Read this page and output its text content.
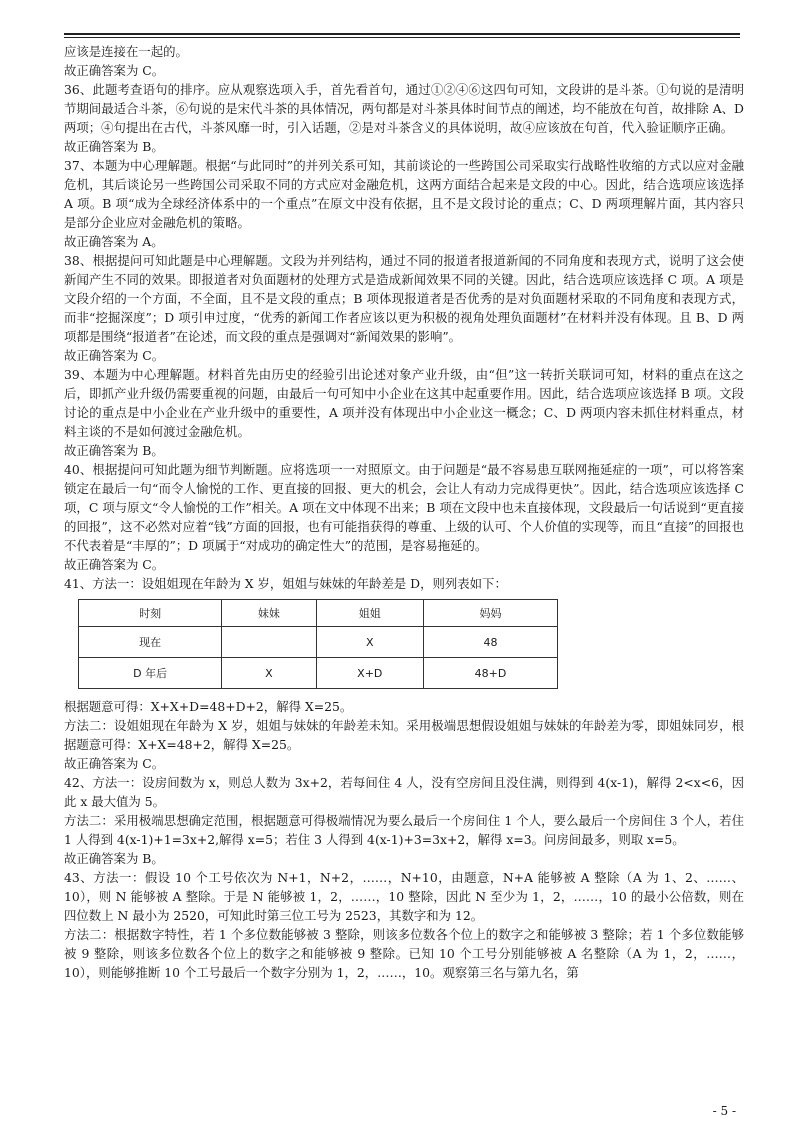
应该是连接在一起的。

故正确答案为 C。

36、此题考查语句的排序。应从观察选项入手，首先看首句，通过①②④⑥这四句可知，文段讲的是斗茶。①句说的是清明节期间最适合斗茶，⑥句说的是宋代斗茶的具体情况，两句都是对斗茶具体时间节点的阐述，均不能放在句首，故排除 A、D 两项；④句提出在古代，斗茶风靡一时，引入话题，②是对斗茶含义的具体说明，故④应该放在句首，代入验证顺序正确。

故正确答案为 B。

37、本题为中心理解题。根据“与此同时”的并列关系可知，其前谈论的一些跨国公司采取实行战略性收缩的方式以应对金融危机，其后谈论另一些跨国公司采取不同的方式应对金融危机，这两方面结合起来是文段的中心。因此，结合选项应该选择 A 项。B 项“成为全球经济体系中的一个重点”在原文中没有依据，且不是文段讨论的重点；C、D 两项理解片面，其内容只是部分企业应对金融危机的策略。

故正确答案为 A。

38、根据提问可知此题是中心理解题。文段为并列结构，通过不同的报道者报道新闻的不同角度和表现方式，说明了这会使新闻产生不同的效果。即报道者对负面题材的处理方式是造成新闻效果不同的关键。因此，结合选项应该选择 C 项。A 项是文段介绍的一个方面，不全面，且不是文段的重点；B 项体现报道者是否优秀的是对负面题材采取的不同角度和表现方式，而非“挖掘深度”；D 项引申过度，“优秀的新闻工作者应该以更为积极的视角处理负面题材”在材料并没有体现。且 B、D 两项都是围绕“报道者”在论述，而文段的重点是强调对“新闻效果的影响”。

故正确答案为 C。

39、本题为中心理解题。材料首先由历史的经验引出论述对象产业升级，由“但”这一转折关联词可知，材料的重点在这之后，即抓产业升级仍需要重视的问题，由最后一句可知中小企业在这其中起重要作用。因此，结合选项应该选择 B 项。文段讨论的重点是中小企业在产业升级中的重要性，A 项并没有体现出中小企业这一概念；C、D 两项内容未抓住材料重点，材料主谈的不是如何渡过金融危机。

故正确答案为 B。

40、根据提问可知此题为细节判断题。应将选项一一对照原文。由于问题是“最不容易患互联网拖延症的一项”，可以将答案锁定在最后一句“而令人愉悦的工作、更直接的回报、更大的机会，会让人有动力完成得更快”。因此，结合选项应该选择 C 项，C 项与原文“令人愉悦的工作”相关。A 项在文中体现不出来；B 项在文段中也未直接体现，文段最后一句话说到“更直接的回报”，这不必然对应着“钱”方面的回报，也有可能指获得的尊重、上级的认可、个人价值的实现等，而且“直接”的回报也不代表着是“丰厚的”；D 项属于“对成功的确定性大”的范围，是容易拖延的。

故正确答案为 C。

41、方法一：设姐姐现在年龄为 X 岁，姐姐与妹妹的年龄差是 D，则列表如下：

时刻	妹妹	姐姐	妈妈
现在		X	48
D 年后	X	X+D	48+D

根据题意可得：X+X+D=48+D+2，解得 X=25。

方法二：设姐姐现在年龄为 X 岁，姐姐与妹妹的年龄差未知。采用极端思想假设姐姐与妹妹的年龄差为零，即姐妹同岁，根据题意可得：X+X=48+2，解得 X=25。

故正确答案为 C。

42、方法一：设房间数为 x，则总人数为 3x+2，若每间住 4 人，没有空房间且没住满，则得到 4(x-1)，解得 2<x<6，因此 x 最大值为 5。

方法二：采用极端思想确定范围，根据题意可得极端情况为要么最后一个房间住 1 个人，要么最后一个房间住 3 个人，若住 1 人得到 4(x-1)+1=3x+2,解得 x=5；若住 3 人得到 4(x-1)+3=3x+2，解得 x=3。问房间最多，则取 x=5。

故正确答案为 B。

43、方法一：假设 10 个工号依次为 N+1，N+2，……，N+10，由题意，N+A 能够被 A 整除（A 为 1、2、……、10），则 N 能够被 A 整除。于是 N 能够被 1，2，……，10 整除，因此 N 至少为 1，2，……，10 的最小公倍数，则在四位数上 N 最小为 2520，可知此时第三位工号为 2523，其数字和为 12。

方法二：根据数字特性，若 1 个多位数能够被 3 整除，则该多位数各个位上的数字之和能够被 3 整除；若 1 个多位数能够被 9 整除，则该多位数各个位上的数字之和能够被 9 整除。已知 10 个工号分别能够被 A 名整除（A 为 1，2，……，10），则能够推断 10 个工号最后一个数字分别为 1，2，……，10。观察第三名与第九名，第

- 5 -
